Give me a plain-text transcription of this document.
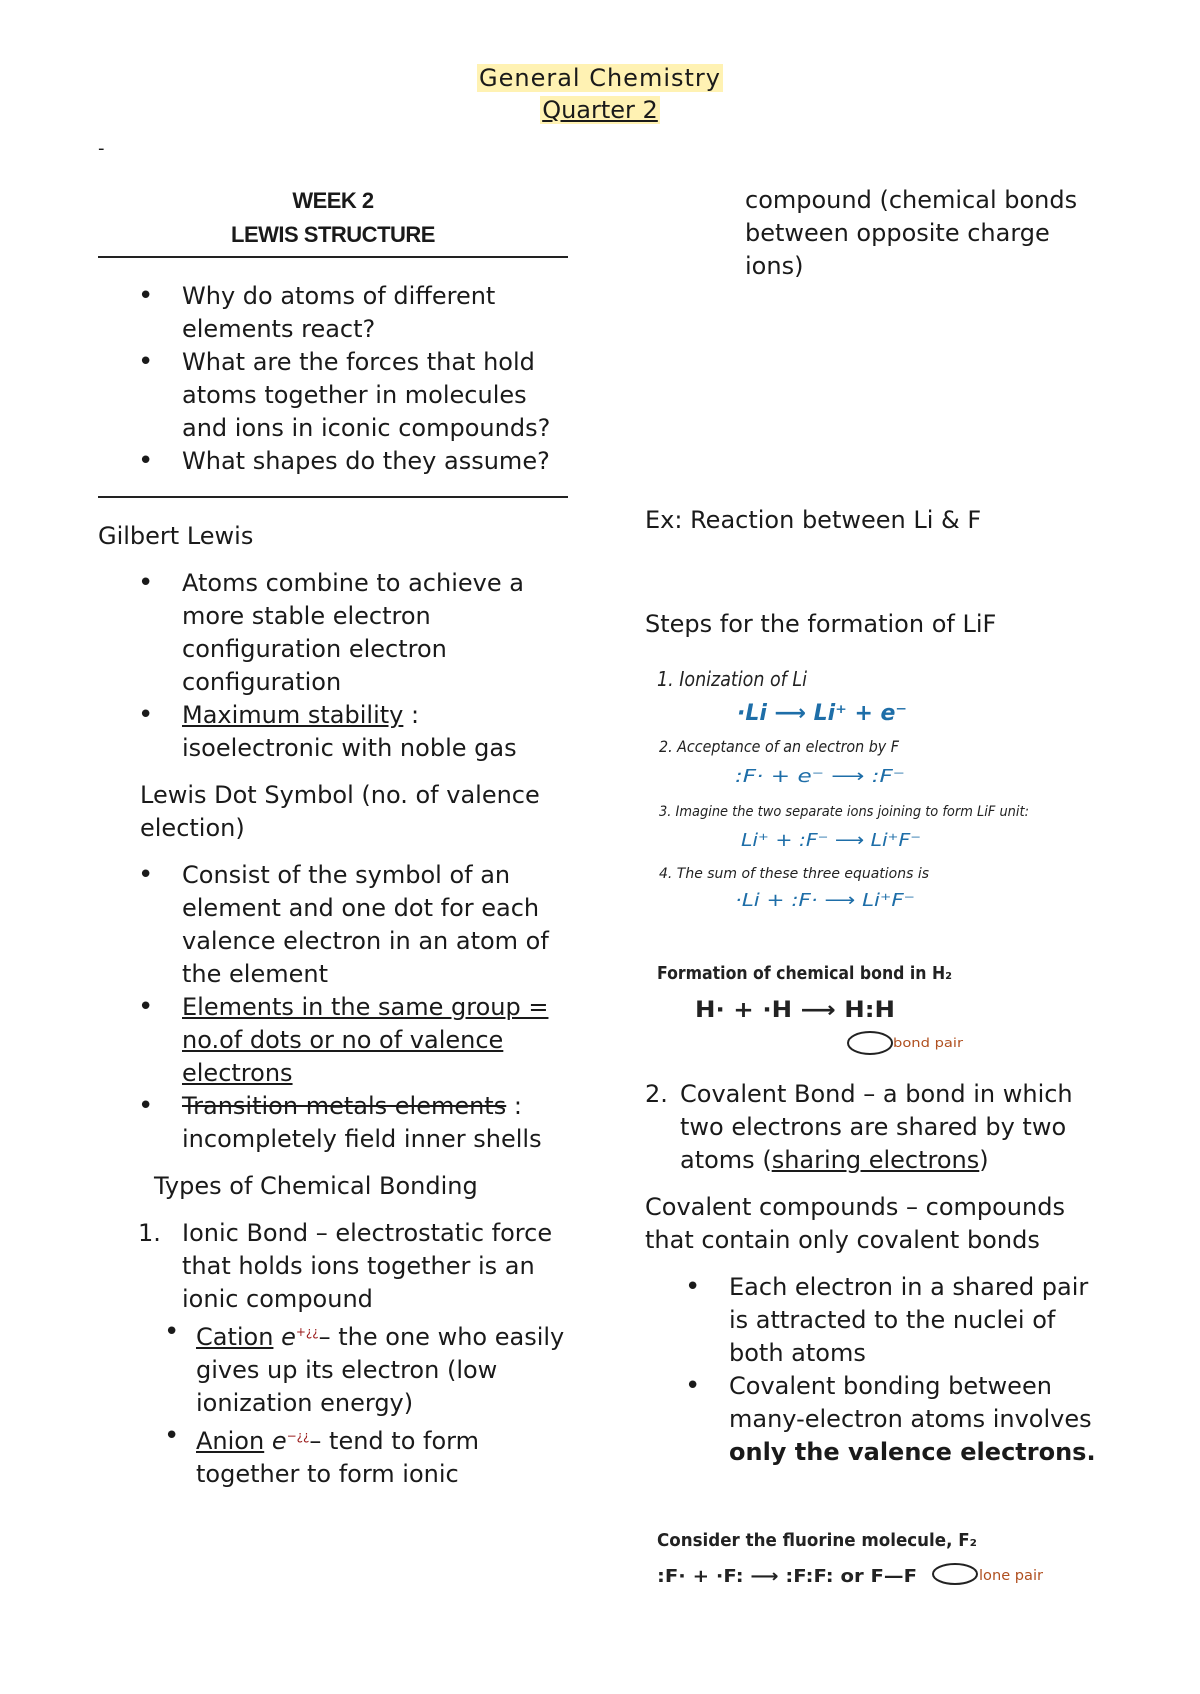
General Chemistry
Quarter 2
-
WEEK 2
LEWIS STRUCTURE
• Why do atoms of different elements react?
• What are the forces that hold atoms together in molecules and ions in iconic compounds?
• What shapes do they assume?
Gilbert Lewis
• Atoms combine to achieve a more stable electron configuration electron configuration
• Maximum stability : isoelectronic with noble gas
Lewis Dot Symbol (no. of valence election)
• Consist of the symbol of an element and one dot for each valence electron in an atom of the element
• Elements in the same group = no.of dots or no of valence electrons
• Transition metals elements : incompletely field inner shells
Types of Chemical Bonding
1. Ionic Bond – electrostatic force that holds ions together is an ionic compound
• Cation e+¿¿– the one who easily gives up its electron (low ionization energy)
• Anion e−¿¿– tend to form together to form ionic
compound (chemical bonds between opposite charge ions)
Ex: Reaction between Li & F
Steps for the formation of LiF
1. Ionization of Li
·Li ⟶ Li⁺ + e⁻
2. Acceptance of an electron by F
:F· + e⁻ ⟶ :F⁻
3. Imagine the two separate ions joining to form LiF unit:
Li⁺ + :F⁻ ⟶ Li⁺F⁻
4. The sum of these three equations is
·Li + :F· ⟶ Li⁺F⁻
Formation of chemical bond in H₂
H· + ·H ⟶ H:H
bond pair
2. Covalent Bond – a bond in which two electrons are shared by two atoms (sharing electrons)
Covalent compounds – compounds that contain only covalent bonds
• Each electron in a shared pair is attracted to the nuclei of both atoms
• Covalent bonding between many-electron atoms involves only the valence electrons.
Consider the fluorine molecule, F₂
:F· + ·F: ⟶ :F:F: or F—F	lone pair
